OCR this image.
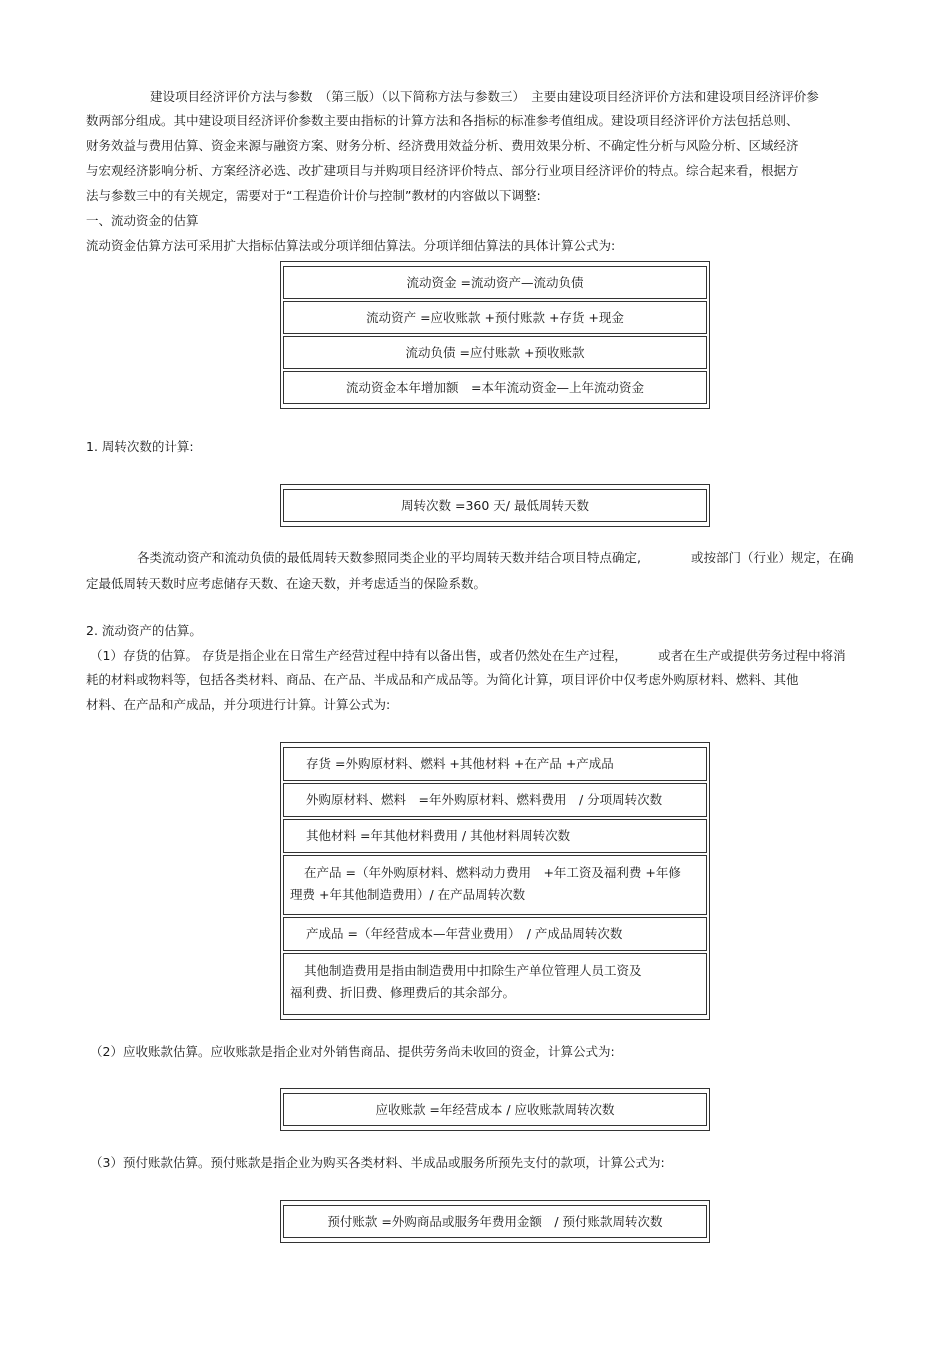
建设项目经济评价方法与参数　（第三版）（以下简称方法与参数三）　主要由建设项目经济评价方法和建设项目经济评价参
数两部分组成。其中建设项目经济评价参数主要由指标的计算方法和各指标的标准参考值组成。建设项目经济评价方法包括总则、
财务效益与费用估算、资金来源与融资方案、财务分析、经济费用效益分析、费用效果分析、不确定性分析与风险分析、区域经济
与宏观经济影响分析、方案经济必选、改扩建项目与并购项目经济评价特点、部分行业项目经济评价的特点。综合起来看，根据方
法与参数三中的有关规定，需要对于“工程造价计价与控制”教材的内容做以下调整:
一、流动资金的估算
流动资金估算方法可采用扩大指标估算法或分项详细估算法。分项详细估算法的具体计算公式为:
流动资金 =流动资产—流动负债
流动资产 =应收账款 +预付账款 +存货 +现金
流动负债 =应付账款 +预收账款
流动资金本年增加额　=本年流动资金—上年流动资金
1. 周转次数的计算:
周转次数 =360 天/ 最低周转天数
各类流动资产和流动负债的最低周转天数参照同类企业的平均周转天数并结合项目特点确定,　　　　或按部门（行业）规定，在确
定最低周转天数时应考虑储存天数、在途天数，并考虑适当的保险系数。
2. 流动资产的估算。
（1）存货的估算。 存货是指企业在日常生产经营过程中持有以备出售，或者仍然处在生产过程，　　　或者在生产或提供劳务过程中将消
耗的材料或物料等，包括各类材料、商品、在产品、半成品和产成品等。为简化计算，项目评价中仅考虑外购原材料、燃料、其他
材料、在产品和产成品，并分项进行计算。计算公式为:
存货 =外购原材料、燃料 +其他材料 +在产品 +产成品
外购原材料、燃料　=年外购原材料、燃料费用　/ 分项周转次数
其他材料 =年其他材料费用 / 其他材料周转次数
在产品 =（年外购原材料、燃料动力费用　+年工资及福利费 +年修
理费 +年其他制造费用）/ 在产品周转次数
产成品 =（年经营成本—年营业费用）　/ 产成品周转次数
其他制造费用是指由制造费用中扣除生产单位管理人员工资及
福利费、折旧费、修理费后的其余部分。
（2）应收账款估算。应收账款是指企业对外销售商品、提供劳务尚未收回的资金，计算公式为:
应收账款 =年经营成本 / 应收账款周转次数
（3）预付账款估算。预付账款是指企业为购买各类材料、半成品或服务所预先支付的款项，计算公式为:
预付账款 =外购商品或服务年费用金额　/ 预付账款周转次数
